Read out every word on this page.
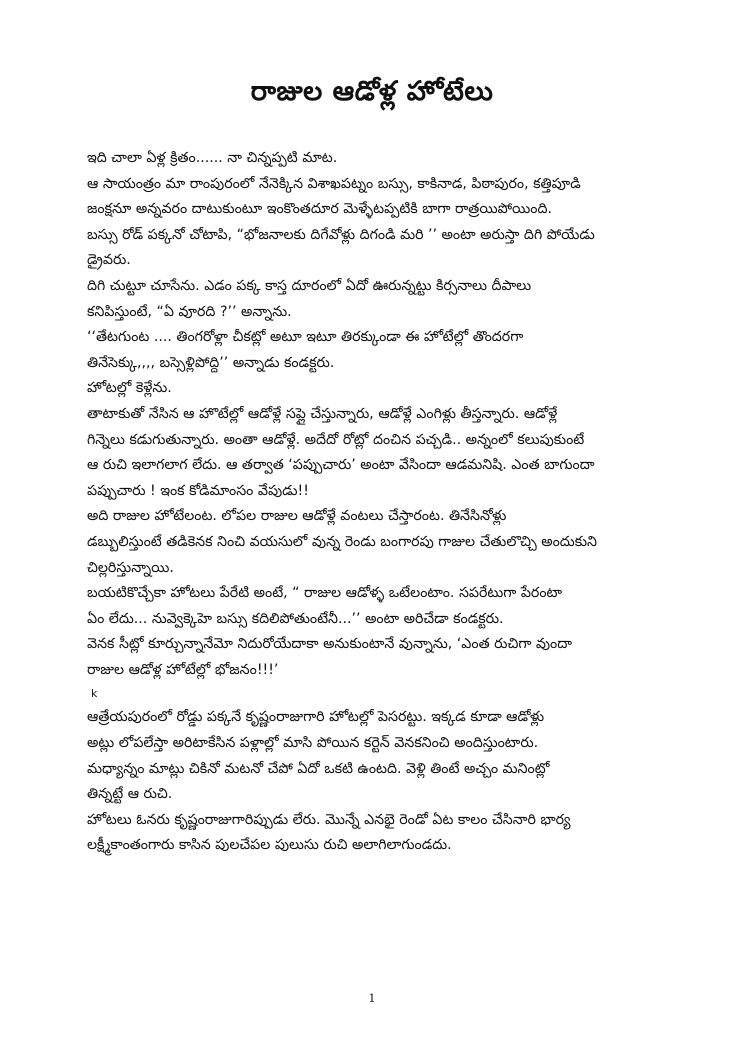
రాజుల ఆడోళ్ల హోటేలు

ఇది చాలా ఏళ్ల క్రితం...... నా చిన్నప్పటి మాట.

ఆ సాయంత్రం మా రాంపురంలో నేనెక్కిన విశాఖపట్నం బస్సు, కాకినాడ, పిఠాపురం, కత్తిపూడి
జంక్షనూ అన్నవరం దాటుకుంటూ ఇంకొంతదూర మెళ్ళేటప్పటికి బాగా రాత్రయిపోయింది.
బస్సు రోడ్ పక్కనో చోటాపి, “భోజనాలకు దిగేవోళ్లు దిగండి మరి ’’ అంటా అరుస్తా దిగి పోయేడు
డ్రైవరు.

దిగి చుట్టూ చూసేను. ఎడం పక్క కాస్త దూరంలో ఏదో ఊరున్నట్టు కిర్సనాలు దీపాలు
కనిపిస్తుంటే, “ఏ వూరది ?’’ అన్నాను.

‘‘తేటగుంట .... తింగరోళ్లా చీకట్లో అటూ ఇటూ తిరక్కుండా ఈ హోటేల్లో తొందరగా
తినేసెక్కు,,,, బస్సెళ్లిపోద్ది’’ అన్నాడు కండక్టరు.

హోటల్లో కెళ్లేను.

తాటాకుతో నేసిన ఆ హొటేల్లో ఆడోళ్లే సప్లై చేస్తున్నారు, ఆడోళ్లే ఎంగిళ్లు తీస్తన్నారు. ఆడోళ్లే
గిన్నెలు కడుగుతున్నారు. అంతా ఆడోళ్లే. అదేదో రోట్లో దంచిన పచ్చడి.. అన్నంలో కలుపుకుంటే
ఆ రుచి ఇలాగలాగ లేదు. ఆ తర్వాత ‘పప్పుచారు’ అంటా వేసిందా ఆడమనిషి. ఎంత బాగుందా
పప్పుచారు ! ఇంక కోడిమాంసం వేపుడు!!

అది రాజుల హోటేలంట. లోపల రాజుల ఆడోళ్లే వంటలు చేస్తారంట. తినేసినోళ్లు
డబ్బులిస్తుంటే తడికెనక నించి వయసులో వున్న రెండు బంగారపు గాజుల చేతులొచ్చి అందుకుని
చిల్లరిస్తున్నాయి.

బయటికొచ్చేకా హోటలు పేరేటి అంటే, “ రాజుల ఆడోళ్ళ ఒటేలంటాం. సపరేటుగా పేరంటా
ఏం లేదు... నువ్వెక్కెహె బస్సు కదిలిపోతుంటేనీ...’’ అంటా అరిచేడా కండక్టరు.

వెనక సీట్లో కూర్చున్నానేమో నిదురోయేదాకా అనుకుంటానే వున్నాను, ‘ఎంత రుచిగా వుందా
రాజుల ఆడోళ్ల హోటేల్లో భోజనం!!!’

k

ఆత్రేయపురంలో రోడ్డు పక్కనే కృష్ణంరాజుగారి హోటల్లో పెసరట్టు. ఇక్కడ కూడా ఆడోళ్లు
అట్లు లోపలేస్తా అరిటాకేసిన పళ్లాల్లో మాసి పోయిన కర్టెన్ వెనకనించి అందిస్తుంటారు.

మధ్యాన్నం మాట్లు చికినో మటనో చేపో ఏదో ఒకటి ఉంటది. వెళ్లి తింటే అచ్చం మనింట్లో
తిన్నట్టే ఆ రుచి.

హోటలు ఓనరు కృష్ణంరాజుగారిప్పుడు లేరు. మొన్నే ఎనభై రెండో ఏట కాలం చేసినారి భార్య
లక్ష్మీకాంతంగారు కాసిన పులచేపల పులుసు రుచి అలాగిలాగుండదు.

1
